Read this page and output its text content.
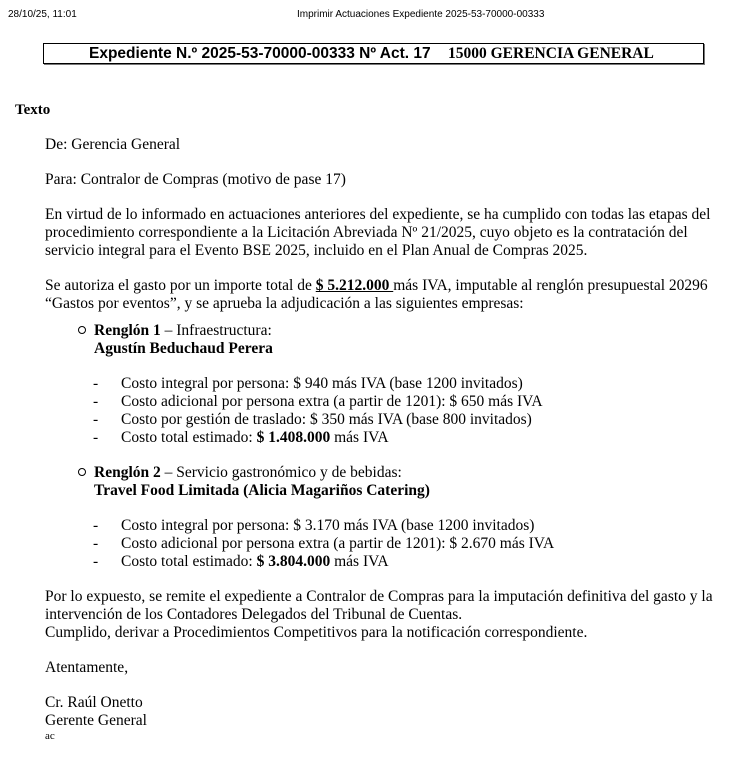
28/10/25, 11:01	Imprimir Actuaciones Expediente 2025-53-70000-00333
Expediente N.º 2025-53-70000-00333 Nº Act. 17 15000 GERENCIA GENERAL
Texto

De: Gerencia General

Para: Contralor de Compras (motivo de pase 17)

En virtud de lo informado en actuaciones anteriores del expediente, se ha cumplido con todas las etapas del procedimiento correspondiente a la Licitación Abreviada Nº 21/2025, cuyo objeto es la contratación del servicio integral para el Evento BSE 2025, incluido en el Plan Anual de Compras 2025.

Se autoriza el gasto por un importe total de $ 5.212.000 más IVA, imputable al renglón presupuestal 20296 “Gastos por eventos”, y se aprueba la adjudicación a las siguientes empresas:

Renglón 1 – Infraestructura:
Agustín Beduchaud Perera
- Costo integral por persona: $ 940 más IVA (base 1200 invitados)
- Costo adicional por persona extra (a partir de 1201): $ 650 más IVA
- Costo por gestión de traslado: $ 350 más IVA (base 800 invitados)
- Costo total estimado: $ 1.408.000 más IVA
Renglón 2 – Servicio gastronómico y de bebidas:
Travel Food Limitada (Alicia Magariños Catering)
- Costo integral por persona: $ 3.170 más IVA (base 1200 invitados)
- Costo adicional por persona extra (a partir de 1201): $ 2.670 más IVA
- Costo total estimado: $ 3.804.000 más IVA

Por lo expuesto, se remite el expediente a Contralor de Compras para la imputación definitiva del gasto y la intervención de los Contadores Delegados del Tribunal de Cuentas.

Cumplido, derivar a Procedimientos Competitivos para la notificación correspondiente.

Atentamente,

Cr. Raúl Onetto

Gerente General

ac
